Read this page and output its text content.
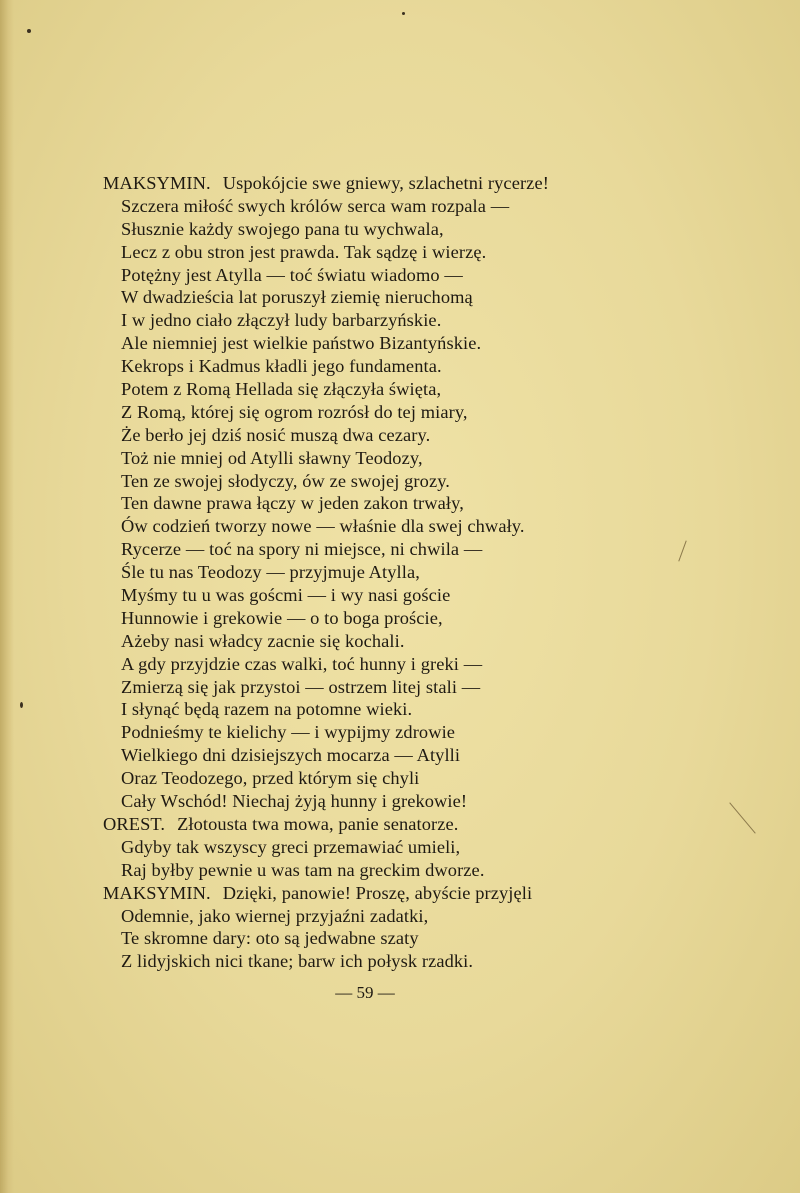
MAKSYMIN. Uspokójcie swe gniewy, szlachetni rycerze!
Szczera miłość swych królów serca wam rozpala —
Słusznie każdy swojego pana tu wychwala,
Lecz z obu stron jest prawda. Tak sądzę i wierzę.
Potężny jest Atylla — toć światu wiadomo —
W dwadzieścia lat poruszył ziemię nieruchomą
I w jedno ciało złączył ludy barbarzyńskie.
Ale niemniej jest wielkie państwo Bizantyńskie.
Kekrops i Kadmus kładli jego fundamenta.
Potem z Romą Hellada się złączyła święta,
Z Romą, której się ogrom rozrósł do tej miary,
Że berło jej dziś nosić muszą dwa cezary.
Toż nie mniej od Atylli sławny Teodozy,
Ten ze swojej słodyczy, ów ze swojej grozy.
Ten dawne prawa łączy w jeden zakon trwały,
Ów codzień tworzy nowe — właśnie dla swej chwały.
Rycerze — toć na spory ni miejsce, ni chwila —
Śle tu nas Teodozy — przyjmuje Atylla,
Myśmy tu u was goścmi — i wy nasi goście
Hunnowie i grekowie — o to boga proście,
Ażeby nasi władcy zacnie się kochali.
A gdy przyjdzie czas walki, toć hunny i greki —
Zmierzą się jak przystoi — ostrzem litej stali —
I słynąć będą razem na potomne wieki.
Podnieśmy te kielichy — i wypijmy zdrowie
Wielkiego dni dzisiejszych mocarza — Atylli
Oraz Teodozego, przed którym się chyli
Cały Wschód! Niechaj żyją hunny i grekowie!
OREST. Złotousta twa mowa, panie senatorze.
Gdyby tak wszyscy greci przemawiać umieli,
Raj byłby pewnie u was tam na greckim dworze.
MAKSYMIN. Dzięki, panowie! Proszę, abyście przyjęli
Odemnie, jako wiernej przyjaźni zadatki,
Te skromne dary: oto są jedwabne szaty
Z lidyjskich nici tkane; barw ich połysk rzadki.
— 59 —
